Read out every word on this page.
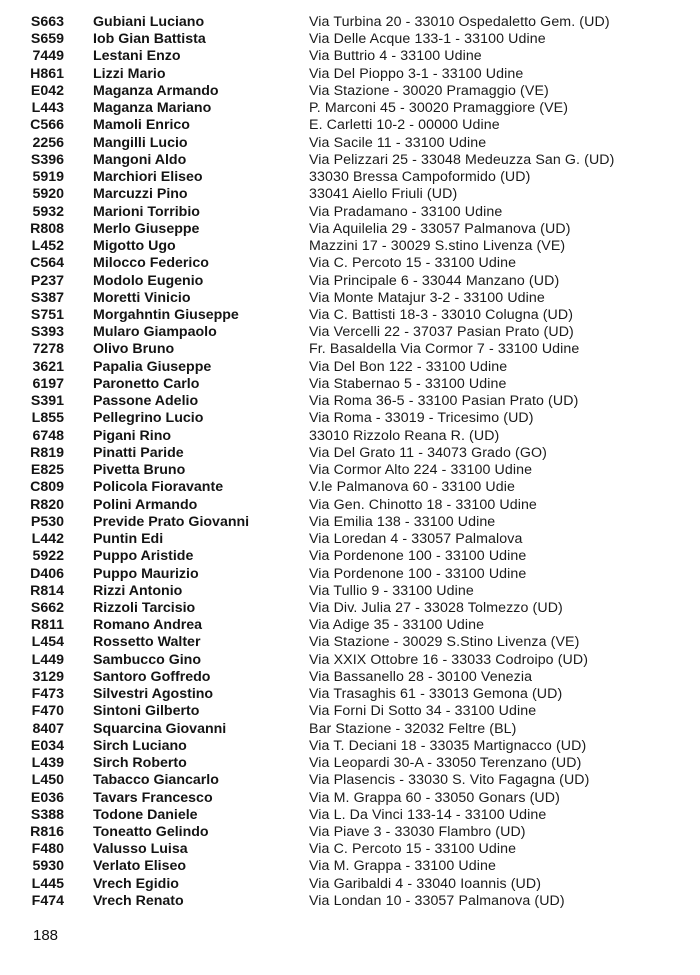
S663 Gubiani Luciano	Via Turbina 20 - 33010 Ospedaletto Gem. (UD)
S659 Iob Gian Battista	Via Delle Acque 133-1 - 33100 Udine
7449 Lestani Enzo	Via Buttrio 4 - 33100 Udine
H861 Lizzi Mario	Via Del Pioppo 3-1 - 33100 Udine
E042 Maganza Armando	Via Stazione - 30020 Pramaggio (VE)
L443 Maganza Mariano	P. Marconi 45 - 30020 Pramaggiore (VE)
C566 Mamoli Enrico	E. Carletti 10-2 - 00000 Udine
2256 Mangilli Lucio	Via Sacile 11 - 33100 Udine
S396 Mangoni Aldo	Via Pelizzari 25 - 33048 Medeuzza San G. (UD)
5919 Marchiori Eliseo	33030 Bressa Campoformido (UD)
5920 Marcuzzi Pino	33041 Aiello Friuli (UD)
5932 Marioni Torribio	Via Pradamano - 33100 Udine
R808 Merlo Giuseppe	Via Aquilelia 29 - 33057 Palmanova (UD)
L452 Migotto Ugo	Mazzini 17 - 30029 S.stino Livenza (VE)
C564 Milocco Federico	Via C. Percoto 15 - 33100 Udine
P237 Modolo Eugenio	Via Principale 6 - 33044 Manzano (UD)
S387 Moretti Vinicio	Via Monte Matajur 3-2 - 33100 Udine
S751 Morgahntin Giuseppe	Via C. Battisti 18-3 - 33010 Colugna (UD)
S393 Mularo Giampaolo	Via Vercelli 22 - 37037 Pasian Prato (UD)
7278 Olivo Bruno	Fr. Basaldella Via Cormor 7 - 33100 Udine
3621 Papalia Giuseppe	Via Del Bon 122 - 33100 Udine
6197 Paronetto Carlo	Via Stabernao 5 - 33100 Udine
S391 Passone Adelio	Via Roma 36-5 - 33100 Pasian Prato (UD)
L855 Pellegrino Lucio	Via Roma - 33019 - Tricesimo (UD)
6748 Pigani Rino	33010 Rizzolo Reana R. (UD)
R819 Pinatti Paride	Via Del Grato 11 - 34073 Grado (GO)
E825 Pivetta Bruno	Via Cormor Alto 224 - 33100 Udine
C809 Policola Fioravante	V.le Palmanova 60 - 33100 Udie
R820 Polini Armando	Via Gen. Chinotto 18 - 33100 Udine
P530 Previde Prato Giovanni	Via Emilia 138 - 33100 Udine
L442 Puntin Edi	Via Loredan 4 - 33057 Palmalova
5922 Puppo Aristide	Via Pordenone 100 - 33100 Udine
D406 Puppo Maurizio	Via Pordenone 100 - 33100 Udine
R814 Rizzi Antonio	Via Tullio 9 - 33100 Udine
S662 Rizzoli Tarcisio	Via Div. Julia 27 - 33028 Tolmezzo (UD)
R811 Romano Andrea	Via Adige 35 - 33100 Udine
L454 Rossetto Walter	Via Stazione - 30029 S.Stino Livenza (VE)
L449 Sambucco Gino	Via XXIX Ottobre 16 - 33033 Codroipo (UD)
3129 Santoro Goffredo	Via Bassanello 28 - 30100 Venezia
F473 Silvestri Agostino	Via Trasaghis 61 - 33013 Gemona (UD)
F470 Sintoni Gilberto	Via Forni Di Sotto 34 - 33100 Udine
8407 Squarcina Giovanni	Bar Stazione - 32032 Feltre (BL)
E034 Sirch Luciano	Via T. Deciani 18 - 33035 Martignacco (UD)
L439 Sirch Roberto	Via Leopardi 30-A - 33050 Terenzano (UD)
L450 Tabacco Giancarlo	Via Plasencis - 33030 S. Vito Fagagna (UD)
E036 Tavars Francesco	Via M. Grappa 60 - 33050 Gonars (UD)
S388 Todone Daniele	Via L. Da Vinci 133-14 - 33100 Udine
R816 Toneatto Gelindo	Via Piave 3 - 33030 Flambro (UD)
F480 Valusso Luisa	Via C. Percoto 15 - 33100 Udine
5930 Verlato Eliseo	Via M. Grappa - 33100 Udine
L445 Vrech Egidio	Via Garibaldi 4 - 33040 Ioannis (UD)
F474 Vrech Renato	Via Londan 10 - 33057 Palmanova (UD)
188
